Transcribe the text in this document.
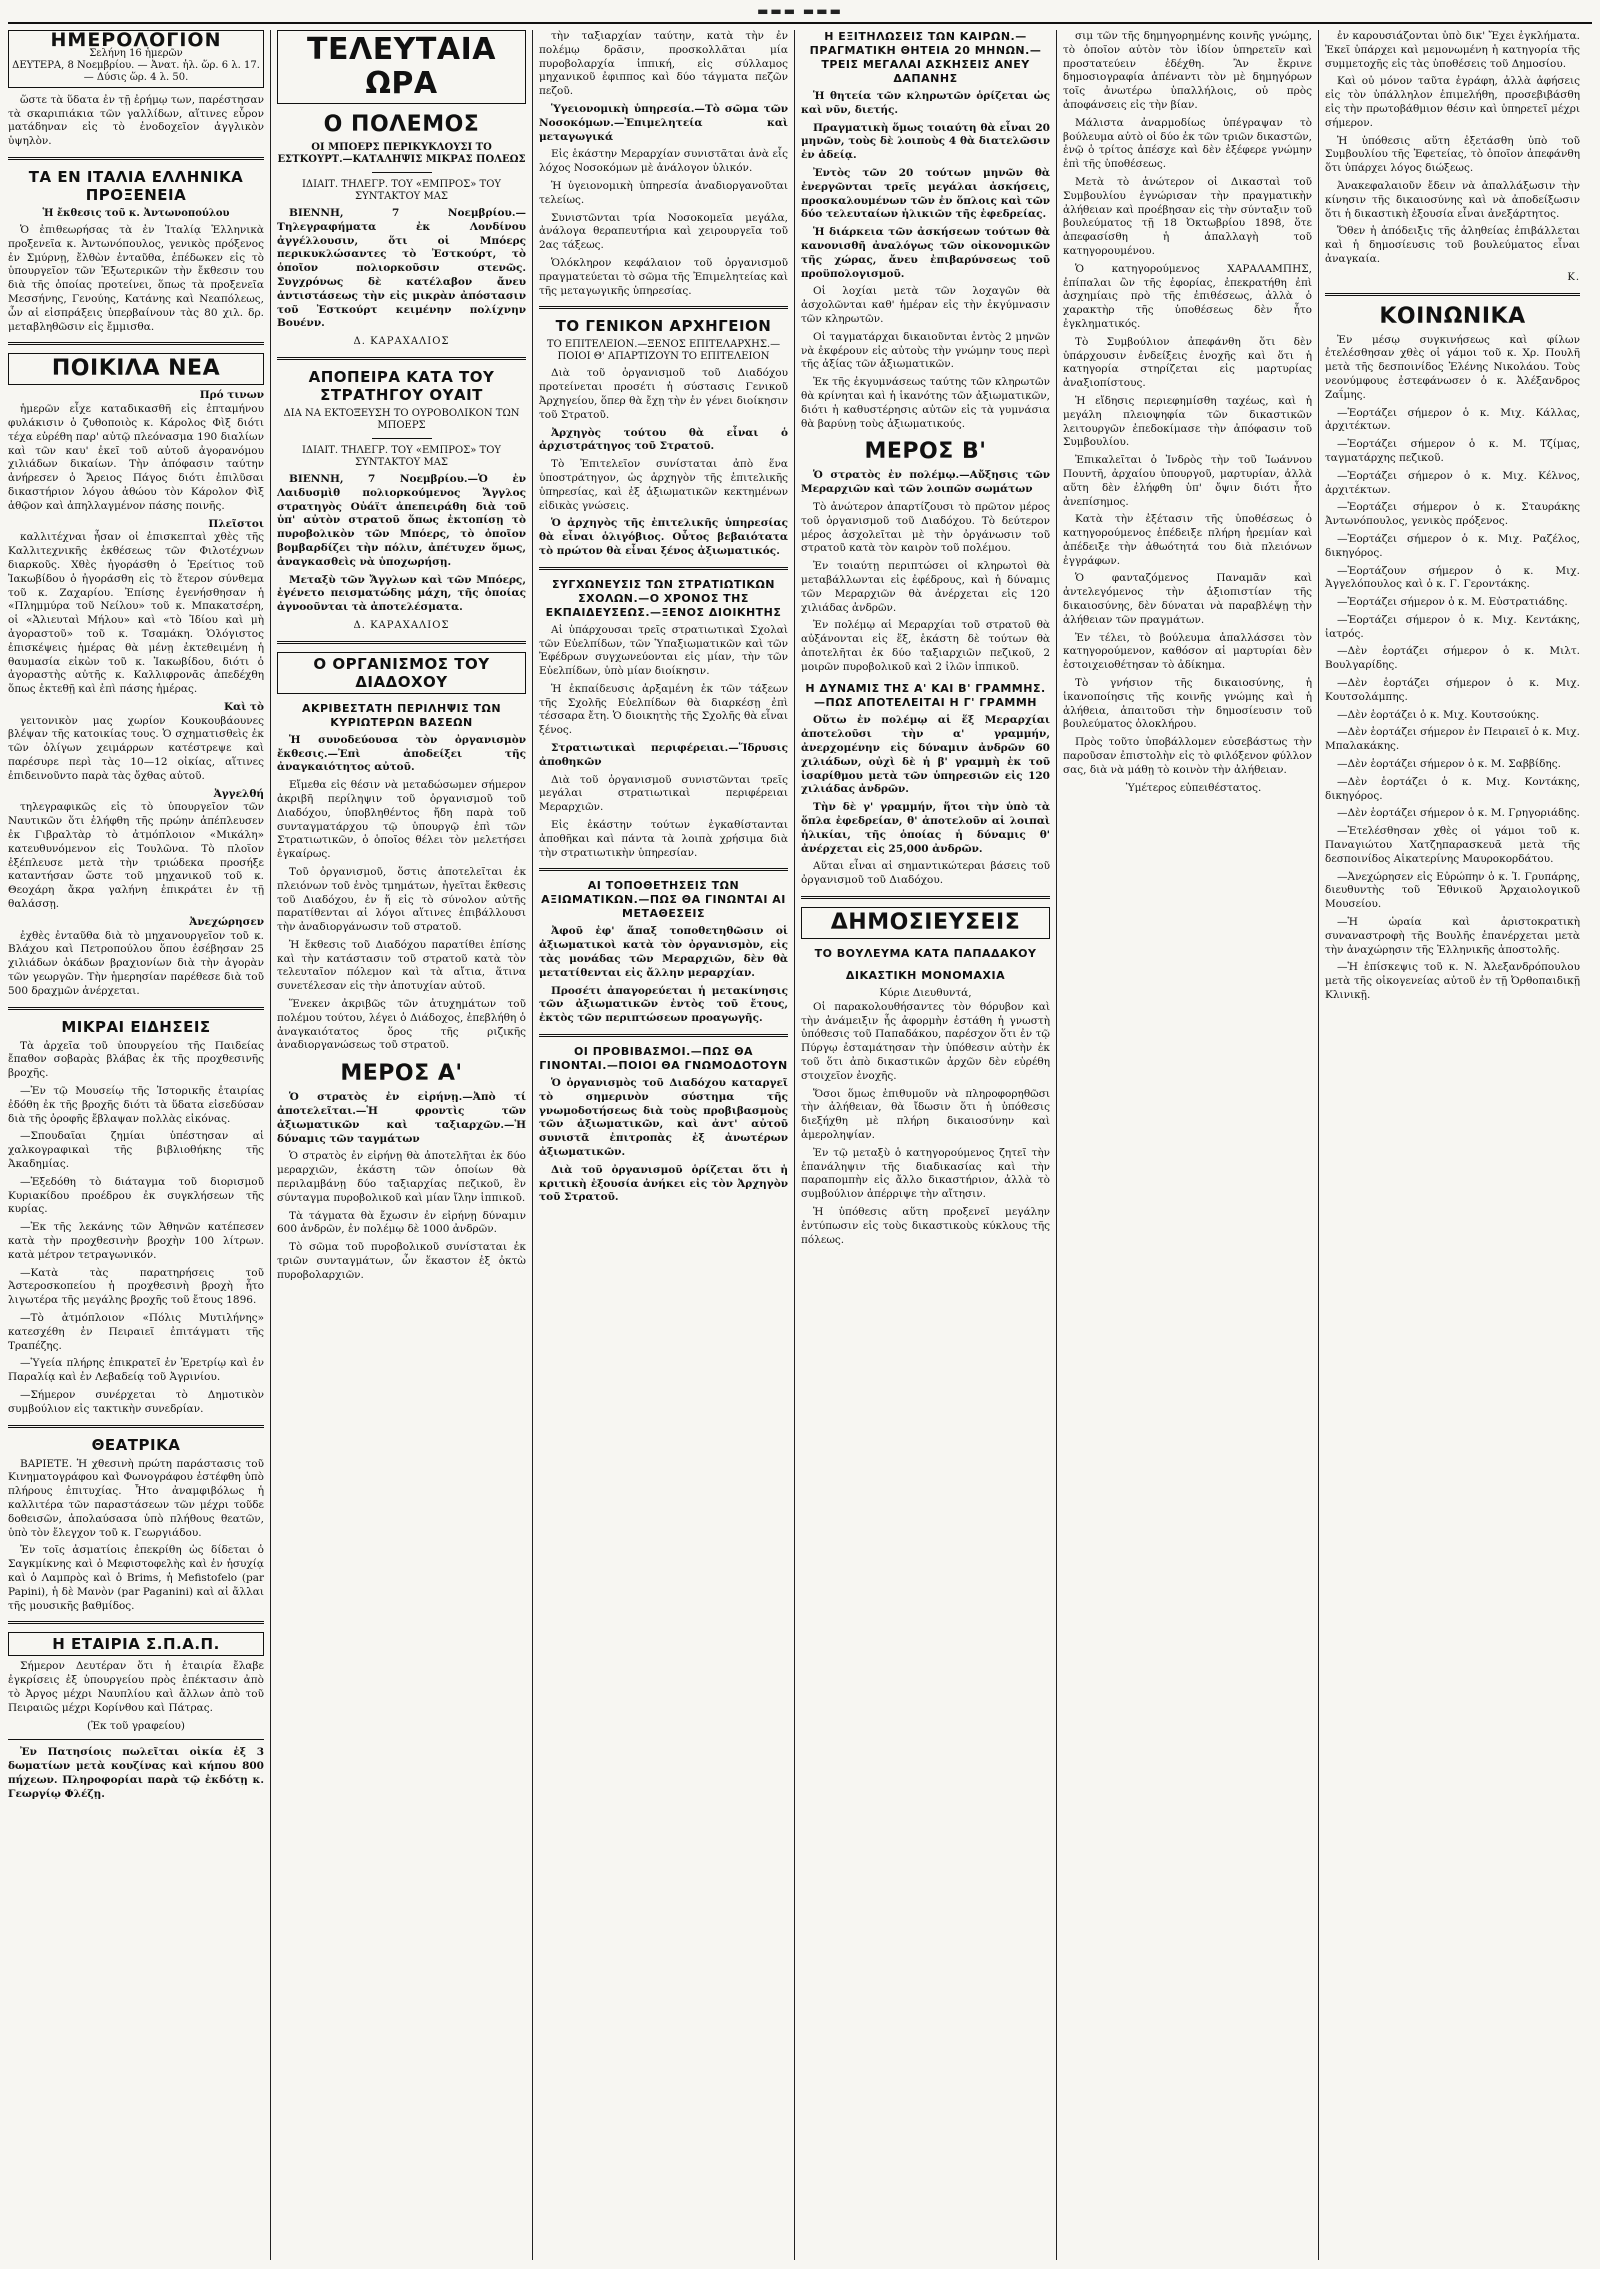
▬▬▬ ▬▬▬
ΗΜΕΡΟΛΟΓΙΟΝ
Σελήνη 16 ἡμερῶν
ΔΕΥΤΕΡΑ, 8 Νοεμβρίου. — Ἀνατ. ἡλ. ὥρ. 6 λ. 17.— Δύσις ὥρ. 4 λ. 50.

ὥστε τὰ ὕδατα ἐν τῇ ἐρήμῳ των, παρέστησαν τὰ σκαριπιάκια τῶν γαλλίδων, αἵτινες εὗρον ματάδηναν εἰς τὸ ἐνοδοχεῖον ἀγγλικὸν ὑψηλὸν.

ΤΑ ΕΝ ΙΤΑΛΙΑ ΕΛΛΗΝΙΚΑ ΠΡΟΞΕΝΕΙΑ
Ἡ ἔκθεσις τοῦ κ. Ἀντωνοπούλου

Ὁ ἐπιθεωρήσας τὰ ἐν Ἰταλίᾳ Ἑλληνικὰ προξενεῖα κ. Ἀντωνόπουλος, γενικὸς πρόξενος ἐν Σμύρνῃ, ἔλθὼν ἐνταῦθα, ἐπέδωκεν εἰς τὸ ὑπουργεῖον τῶν Ἐξωτερικῶν τὴν ἔκθεσιν του διὰ τῆς ὁποίας προτείνει, ὅπως τὰ προξενεῖα Μεσσήνης, Γενούης, Κατάνης καὶ Νεαπόλεως, ὧν αἱ εἰσπράξεις ὑπερβαίνουν τὰς 80 χιλ. δρ. μεταβληθῶσιν εἰς ἔμμισθα.

ΠΟΙΚΙΛΑ ΝΕΑ
Πρό τινων

ἡμερῶν εἶχε καταδικασθῆ εἰς ἑπταμήνου φυλάκισιν ὁ ζυθοποιὸς κ. Κάρολος Φὶξ διότι τέχα εὑρέθη παρ' αὐτῷ πλεόνασμα 190 διαλίων καὶ τῶν καυ' ἐκεῖ τοῦ αὐτοῦ ἀγορανόμου χιλιάδων δικαίων. Τὴν ἀπόφασιν ταύτην ἀνήρεσεν ὁ Ἄρειος Πάγος διότι ἐπιλῦσαι δικαστήριον λόγου ἀθώου τὸν Κάρολον Φὶξ ἀθῷον καὶ ἀπηλλαγμένον πάσης ποινῆς.

Πλεῖστοι

καλλιτέχναι ἦσαν οἱ ἐπισκεπταὶ χθὲς τῆς Καλλιτεχνικῆς ἐκθέσεως τῶν Φιλοτέχνων διαρκοῦς. Χθὲς ἠγοράσθη ὁ Ἐρείτιος τοῦ Ἰακωβίδου ὁ ἠγοράσθη εἰς τὸ ἕτερον σύνθεμα τοῦ κ. Ζαχαρίου. Ἐπίσης ἐγενήσθησαν ἡ «Πλημμύρα τοῦ Νείλου» τοῦ κ. Μπακατσέρη, οἱ «Ἁλιευταὶ Μήλου» καὶ «τὸ Ἰδίου καὶ μὴ ἀγοραστοῦ» τοῦ κ. Τσαμάκη. Ὁλόγιστος ἐπισκέψεις ἡμέρας θὰ μένῃ ἐκτεθειμένη ἡ θαυμασία εἰκὼν τοῦ κ. Ἰακωβίδου, διότι ὁ ἀγοραστὴς αὐτῆς κ. Καλλιφρονᾶς ἀπεδέχθη ὅπως ἐκτεθῇ καὶ ἐπὶ πάσης ἡμέρας.

Καὶ τὸ

γειτονικὸν μας χωρίον Κουκουβάουνες βλέψαν τῆς κατοικίας τους. Ὁ σχηματισθεὶς ἐκ τῶν ὀλίγων χειμάρρων κατέστρεψε καὶ παρέσυρε περὶ τὰς 10—12 οἰκίας, αἵτινες ἐπιδεινοῦντο παρὰ τὰς ὄχθας αὐτοῦ.

Ἀγγελθή

τηλεγραφικῶς εἰς τὸ ὑπουργεῖον τῶν Ναυτικῶν ὅτι ἐλήφθη τῆς πρώην ἀπέπλευσεν ἐκ Γιβραλτὰρ τὸ ἀτμόπλοιον «Μικάλη» κατευθυνόμενον εἰς Τουλῶνα. Τὸ πλοῖον ἐξέπλευσε μετὰ τὴν τριώδεκα προσήξε καταντήσαν ὥστε τοῦ μηχανικοῦ τοῦ κ. Θεοχάρη ἄκρα γαλήνη ἐπικράτει ἐν τῇ θαλάσσῃ.

Ἀνεχώρησεν

ἐχθὲς ἐνταῦθα διὰ τὸ μηχανουργεῖον τοῦ κ. Βλάχου καὶ Πετροπούλου ὅπου ἐσέβησαν 25 χιλιάδων ὀκάδων βραχιονίων διὰ τὴν ἀγορὰν τῶν γεωργῶν. Τὴν ἡμερησίαν παρέθεσε διὰ τοῦ 500 δραχμῶν ἀνέρχεται.

ΜΙΚΡΑΙ ΕΙΔΗΣΕΙΣ

Τὰ ἀρχεῖα τοῦ ὑπουργείου τῆς Παιδείας ἔπαθον σοβαρὰς βλάβας ἐκ τῆς προχθεσινῆς βροχῆς.

—Ἐν τῷ Μουσείῳ τῆς Ἱστορικῆς ἐταιρίας ἐδόθη ἐκ τῆς βροχῆς διότι τὰ ὕδατα εἰσεδύσαν διὰ τῆς ὀροφῆς ἔβλαψαν πολλὰς εἰκόνας.

—Σπουδαῖαι ζημίαι ὑπέστησαν αἱ χαλκογραφικαὶ τῆς βιβλιοθήκης τῆς Ἀκαδημίας.

—Ἐξεδόθη τὸ διάταγμα τοῦ διορισμοῦ Κυριακίδου προέδρου ἐκ συγκλήσεων τῆς κυρίας.

—Ἐκ τῆς λεκάνης τῶν Ἀθηνῶν κατέπεσεν κατὰ τὴν προχθεσινὴν βροχὴν 100 λίτρων. κατὰ μέτρον τετραγωνικόν.

—Κατὰ τὰς παρατηρήσεις τοῦ Ἀστεροσκοπείου ἡ προχθεσινὴ βροχὴ ἦτο λιγωτέρα τῆς μεγάλης βροχῆς τοῦ ἔτους 1896.

—Τὸ ἀτμόπλοιον «Πόλις Μυτιλήνης» κατεσχέθη ἐν Πειραιεῖ ἐπιτάγματι τῆς Τραπέζης.

—Ὑγεία πλήρης ἐπικρατεῖ ἐν Ἐρετρίῳ καὶ ἐν Παραλίᾳ καὶ ἐν Λεβαδείᾳ τοῦ Ἀγρινίου.

—Σήμερον συνέρχεται τὸ Δημοτικὸν συμβούλιον εἰς τακτικὴν συνεδρίαν.

ΘΕΑΤΡΙΚΑ

ΒΑΡΙΕΤΕ. Ἡ χθεσινὴ πρώτη παράστασις τοῦ Κινηματογράφου καὶ Φωνογράφου ἐστέφθη ὑπὸ πλήρους ἐπιτυχίας. Ἦτο ἀναμφιβόλως ἡ καλλιτέρα τῶν παραστάσεων τῶν μέχρι τοῦδε δοθεισῶν, ἀπολαύσασα ὑπὸ πλήθους θεατῶν, ὑπὸ τὸν ἔλεγχον τοῦ κ. Γεωργιάδου.

Ἐν τοῖς ἀσματίοις ἐπεκρίθη ὡς δίδεται ὁ Σαγκμίκνης καὶ ὁ Μεφιστοφελὴς καὶ ἐν ἡσυχίᾳ καὶ ὁ Λαμπρὸς καὶ ὁ Brims, ἡ Mefistofelo (par Papini), ἡ δὲ Μανὸν (par Paganini) καὶ αἱ ἄλλαι τῆς μουσικῆς βαθμίδος.

Η ΕΤΑΙΡΙΑ Σ.Π.Α.Π.

Σήμερον Δευτέραν ὅτι ἡ ἑταιρία ἔλαβε ἐγκρίσεις ἐξ ὑπουργείου πρὸς ἐπέκτασιν ἀπὸ τὸ Ἀργος μέχρι Ναυπλίου καὶ ἄλλων ἀπὸ τοῦ Πειραιῶς μέχρι Κορίνθου καὶ Πάτρας.

(Ἐκ τοῦ γραφείου)

Ἐν Πατησίοις πωλεῖται οἰκία ἐξ 3 δωματίων μετὰ κουζίνας καὶ κήπου 800 πήχεων. Πληροφορίαι παρὰ τῷ ἐκδότῃ κ. Γεωργίῳ Φλέζῃ.

ΤΕΛΕΥΤΑΙΑ ΩΡΑ
Ο ΠΟΛΕΜΟΣ
ΟΙ ΜΠΟΕΡΣ ΠΕΡΙΚΥΚΛΟΥΣΙ ΤΟ ΕΣΤΚΟΥΡΤ.—ΚΑΤΑΛΗΨΙΣ ΜΙΚΡΑΣ ΠΟΛΕΩΣ
ΙΔΙΑΙΤ. ΤΗΛΕΓΡ. ΤΟΥ «ΕΜΠΡΟΣ» ΤΟΥ ΣΥΝΤΑΚΤΟΥ ΜΑΣ

ΒΙΕΝΝΗ, 7 Νοεμβρίου.—Τηλεγραφήματα ἐκ Λονδίνου ἀγγέλλουσιν, ὅτι οἱ Μπόερς περικυκλώσαντες τὸ Ἐστκούρτ, τὸ ὁποῖον πολιορκοῦσιν στενῶς. Συγχρόνως δὲ κατέλαβον ἄνευ ἀντιστάσεως τὴν εἰς μικρὰν ἀπόστασιν τοῦ Ἐστκούρτ κειμένην πολίχνην Βουένν.

Δ. ΚΑΡΑΧΑΛΙΟΣ
ΑΠΟΠΕΙΡΑ ΚΑΤΑ ΤΟΥ ΣΤΡΑΤΗΓΟΥ ΟΥΑΙΤ
ΔΙΑ ΝΑ ΕΚΤΟΞΕΥΣΗ ΤΟ ΟΥΡΟΒΟΛΙΚΟΝ ΤΩΝ ΜΠΟΕΡΣ
ΙΔΙΑΙΤ. ΤΗΛΕΓΡ. ΤΟΥ «ΕΜΠΡΟΣ» ΤΟΥ ΣΥΝΤΑΚΤΟΥ ΜΑΣ

ΒΙΕΝΝΗ, 7 Νοεμβρίου.—Ὁ ἐν Λαιδυσμὶθ πολιορκούμενος Ἄγγλος στρατηγὸς Οὐάϊτ ἀπεπειράθη διὰ τοῦ ὑπ' αὐτὸν στρατοῦ ὅπως ἐκτοπίσῃ τὸ πυροβολικὸν τῶν Μπόερς, τὸ ὁποῖον βομβαρδίζει τὴν πόλιν, ἀπέτυχεν ὅμως, ἀναγκασθεὶς νὰ ὑποχωρήσῃ.

Μεταξὺ τῶν Ἄγγλων καὶ τῶν Μπόερς, ἐγένετο πεισματώδης μάχη, τῆς ὁποίας ἀγνοοῦνται τὰ ἀποτελέσματα.

Δ. ΚΑΡΑΧΑΛΙΟΣ
Ο ΟΡΓΑΝΙΣΜΟΣ ΤΟΥ ΔΙΑΔΟΧΟΥ
ΑΚΡΙΒΕΣΤΑΤΗ ΠΕΡΙΛΗΨΙΣ ΤΩΝ ΚΥΡΙΩΤΕΡΩΝ ΒΑΣΕΩΝ

Ἡ συνοδεύουσα τὸν ὀργανισμὸν ἔκθεσις.—Ἐπὶ ἀποδείξει τῆς ἀναγκαιότητος αὐτοῦ.

Εἴμεθα εἰς θέσιν νὰ μεταδώσωμεν σήμερον ἀκριβῆ περίληψιν τοῦ ὀργανισμοῦ τοῦ Διαδόχου, ὑποβληθέντος ἤδη παρὰ τοῦ συνταγματάρχου τῷ ὑπουργῷ ἐπὶ τῶν Στρατιωτικῶν, ὁ ὁποῖος θέλει τὸν μελετήσει ἐγκαίρως.

Τοῦ ὀργανισμοῦ, ὅστις ἀποτελεῖται ἐκ πλειόνων τοῦ ἑνὸς τμημάτων, ἡγεῖται ἔκθεσις τοῦ Διαδόχου, ἐν ἥ εἰς τὸ σύνολον αὐτῆς παρατίθενται αἱ λόγοι αἵτινες ἐπιβάλλουσι τὴν ἀναδιοργάνωσιν τοῦ στρατοῦ.

Ἡ ἔκθεσις τοῦ Διαδόχου παρατίθει ἐπίσης καὶ τὴν κατάστασιν τοῦ στρατοῦ κατὰ τὸν τελευταῖον πόλεμον καὶ τὰ αἴτια, ἅτινα συνετέλεσαν εἰς τὴν ἀποτυχίαν αὐτοῦ.

Ἕνεκεν ἀκριβῶς τῶν ἀτυχημάτων τοῦ πολέμου τούτου, λέγει ὁ Διάδοχος, ἐπεβλήθη ὁ ἀναγκαιότατος ὅρος τῆς ριζικῆς ἀναδιοργανώσεως τοῦ στρατοῦ.

ΜΕΡΟΣ Α'

Ὁ στρατὸς ἐν εἰρήνῃ.—Ἀπὸ τί ἀποτελεῖται.—Ἡ φροντὶς τῶν ἀξιωματικῶν καὶ ταξιαρχῶν.—Ἡ δύναμις τῶν ταγμάτων

Ὁ στρατὸς ἐν εἰρήνῃ θὰ ἀποτελῆται ἐκ δύο μεραρχιῶν, ἑκάστη τῶν ὁποίων θὰ περιλαμβάνῃ δύο ταξιαρχίας πεζικοῦ, ἓν σύνταγμα πυροβολικοῦ καὶ μίαν ἴλην ἱππικοῦ.

Τὰ τάγματα θὰ ἔχωσιν ἐν εἰρήνῃ δύναμιν 600 ἀνδρῶν, ἐν πολέμῳ δὲ 1000 ἀνδρῶν.

Τὸ σῶμα τοῦ πυροβολικοῦ συνίσταται ἐκ τριῶν συνταγμάτων, ὧν ἕκαστον ἐξ ὀκτὼ πυροβολαρχιῶν.

τὴν ταξιαρχίαν ταύτην, κατὰ τὴν ἐν πολέμῳ δρᾶσιν, προσκολλᾶται μία πυροβολαρχία ἱππική, εἰς σύλλαμος μηχανικοῦ ἐφιππος καὶ δύο τάγματα πεζῶν πεζοῦ.

Ὑγειονομικὴ ὑπηρεσία.—Τὸ σῶμα τῶν Νοσοκόμων.—Ἐπιμελητεία καὶ μεταγωγικά

Εἰς ἑκάστην Μεραρχίαν συνιστᾶται ἀνὰ εἷς λόχος Νοσοκόμων μὲ ἀνάλογον ὑλικόν.

Ἡ ὑγειονομικὴ ὑπηρεσία ἀναδιοργανοῦται τελείως.

Συνιστῶνται τρία Νοσοκομεῖα μεγάλα, ἀνάλογα θεραπευτήρια καὶ χειρουργεῖα τοῦ 2ας τάξεως.

Ὁλόκληρον κεφάλαιον τοῦ ὀργανισμοῦ πραγματεύεται τὸ σῶμα τῆς Ἐπιμελητείας καὶ τῆς μεταγωγικῆς ὑπηρεσίας.

ΤΟ ΓΕΝΙΚΟΝ ΑΡΧΗΓΕΙΟΝ
ΤΟ ΕΠΙΤΕΛΕΙΟΝ.—ΞΕΝΟΣ ΕΠΙΤΕΛΑΡΧΗΣ.—ΠΟΙΟΙ Θ' ΑΠΑΡΤΙΖΟΥΝ ΤΟ ΕΠΙΤΕΛΕΙΟΝ

Διὰ τοῦ ὀργανισμοῦ τοῦ Διαδόχου προτείνεται προσέτι ἡ σύστασις Γενικοῦ Ἀρχηγείου, ὅπερ θὰ ἔχῃ τὴν ἐν γένει διοίκησιν τοῦ Στρατοῦ.

Ἀρχηγὸς τούτου θὰ εἶναι ὁ ἀρχιστράτηγος τοῦ Στρατοῦ.

Τὸ Ἐπιτελεῖον συνίσταται ἀπὸ ἕνα ὑποστράτηγον, ὡς ἀρχηγὸν τῆς ἐπιτελικῆς ὑπηρεσίας, καὶ ἐξ ἀξιωματικῶν κεκτημένων εἰδικὰς γνώσεις.

Ὁ ἀρχηγὸς τῆς ἐπιτελικῆς ὑπηρεσίας θὰ εἶναι ὁλιγόβιος. Οὗτος βεβαιότατα τὸ πρώτον θὰ εἶναι ξένος ἀξιωματικός.

ΣΥΓΧΩΝΕΥΣΙΣ ΤΩΝ ΣΤΡΑΤΙΩΤΙΚΩΝ ΣΧΟΛΩΝ.—Ο ΧΡΟΝΟΣ ΤΗΣ ΕΚΠΑΙΔΕΥΣΕΩΣ.—ΞΕΝΟΣ ΔΙΟΙΚΗΤΗΣ

Αἱ ὑπάρχουσαι τρεῖς στρατιωτικαὶ Σχολαὶ τῶν Εὐελπίδων, τῶν Ὑπαξιωματικῶν καὶ τῶν Ἐφέδρων συγχωνεύονται εἰς μίαν, τὴν τῶν Εὐελπίδων, ὑπὸ μίαν διοίκησιν.

Ἡ ἐκπαίδευσις ἀρξαμένη ἐκ τῶν τάξεων τῆς Σχολῆς Εὐελπίδων θὰ διαρκέσῃ ἐπὶ τέσσαρα ἔτη. Ὁ διοικητὴς τῆς Σχολῆς θὰ εἶναι ξένος.

Στρατιωτικαὶ περιφέρειαι.—Ἵδρυσις ἀποθηκῶν

Διὰ τοῦ ὀργανισμοῦ συνιστῶνται τρεῖς μεγάλαι στρατιωτικαὶ περιφέρειαι Μεραρχιῶν.

Εἰς ἑκάστην τούτων ἐγκαθίστανται ἀποθῆκαι καὶ πάντα τὰ λοιπὰ χρήσιμα διὰ τὴν στρατιωτικὴν ὑπηρεσίαν.

ΑΙ ΤΟΠΟΘΕΤΗΣΕΙΣ ΤΩΝ ΑΞΙΩΜΑΤΙΚΩΝ.—ΠΩΣ ΘΑ ΓΙΝΩΝΤΑΙ ΑΙ ΜΕΤΑΘΕΣΕΙΣ

Ἀφοῦ ἐφ' ἅπαξ τοποθετηθῶσιν οἱ ἀξιωματικοὶ κατὰ τὸν ὀργανισμὸν, εἰς τὰς μονάδας τῶν Μεραρχιῶν, δὲν θὰ μετατίθενται εἰς ἄλλην μεραρχίαν.

Προσέτι ἀπαγορεύεται ἡ μετακίνησις τῶν ἀξιωματικῶν ἐντὸς τοῦ ἔτους, ἐκτὸς τῶν περιπτώσεων προαγωγῆς.

ΟΙ ΠΡΟΒΙΒΑΣΜΟΙ.—ΠΩΣ ΘΑ ΓΙΝΟΝΤΑΙ.—ΠΟΙΟΙ ΘΑ ΓΝΩΜΟΔΟΤΟΥΝ

Ὁ ὀργανισμὸς τοῦ Διαδόχου καταργεῖ τὸ σημερινὸν σύστημα τῆς γνωμοδοτήσεως διὰ τοὺς προβιβασμοὺς τῶν ἀξιωματικῶν, καὶ ἀντ' αὐτοῦ συνιστᾶ ἐπιτροπὰς ἐξ ἀνωτέρων ἀξιωματικῶν.

Διὰ τοῦ ὀργανισμοῦ ὁρίζεται ὅτι ἡ κριτικὴ ἐξουσία ἀνήκει εἰς τὸν Ἀρχηγὸν τοῦ Στρατοῦ.

Η ΕΞΙΤΗΛΩΣΕΙΣ ΤΩΝ ΚΑΙΡΩΝ.—ΠΡΑΓΜΑΤΙΚΗ ΘΗΤΕΙΑ 20 ΜΗΝΩΝ.—ΤΡΕΙΣ ΜΕΓΑΛΑΙ ΑΣΚΗΣΕΙΣ ΑΝΕΥ ΔΑΠΑΝΗΣ

Ἡ θητεία τῶν κληρωτῶν ὁρίζεται ὡς καὶ νῦν, διετής.

Πραγματικὴ ὅμως τοιαύτη θὰ εἶναι 20 μηνῶν, τοὺς δὲ λοιποὺς 4 θὰ διατελῶσιν ἐν ἀδείᾳ.

Ἐντὸς τῶν 20 τούτων μηνῶν θὰ ἐνεργῶνται τρεῖς μεγάλαι ἀσκήσεις, προσκαλουμένων τῶν ἐν ὅπλοις καὶ τῶν δύο τελευταίων ἡλικιῶν τῆς ἐφεδρείας.

Ἡ διάρκεια τῶν ἀσκήσεων τούτων θὰ κανονισθῆ ἀναλόγως τῶν οἰκονομικῶν τῆς χώρας, ἄνευ ἐπιβαρύνσεως τοῦ προϋπολογισμοῦ.

Οἱ λοχίαι μετὰ τῶν λοχαγῶν θὰ ἀσχολῶνται καθ' ἡμέραν εἰς τὴν ἐκγύμνασιν τῶν κληρωτῶν.

Οἱ ταγματάρχαι δικαιοῦνται ἐντὸς 2 μηνῶν νὰ ἐκφέρουν εἰς αὐτοὺς τὴν γνώμην τους περὶ τῆς ἀξίας τῶν ἀξιωματικῶν.

Ἐκ τῆς ἐκγυμνάσεως ταύτης τῶν κληρωτῶν θὰ κρίνηται καὶ ἡ ἱκανότης τῶν ἀξιωματικῶν, διότι ἡ καθυστέρησις αὐτῶν εἰς τὰ γυμνάσια θὰ βαρύνῃ τοὺς ἀξιωματικούς.

ΜΕΡΟΣ Β'

Ὁ στρατὸς ἐν πολέμῳ.—Αὔξησις τῶν Μεραρχιῶν καὶ τῶν λοιπῶν σωμάτων

Τὸ ἀνώτερον ἀπαρτίζουσι τὸ πρῶτον μέρος τοῦ ὀργανισμοῦ τοῦ Διαδόχου. Τὸ δεύτερον μέρος ἀσχολεῖται μὲ τὴν ὀργάνωσιν τοῦ στρατοῦ κατὰ τὸν καιρὸν τοῦ πολέμου.

Ἐν τοιαύτῃ περιπτώσει οἱ κληρωτοὶ θὰ μεταβάλλωνται εἰς ἐφέδρους, καὶ ἡ δύναμις τῶν Μεραρχιῶν θὰ ἀνέρχεται εἰς 120 χιλιάδας ἀνδρῶν.

Ἐν πολέμῳ αἱ Μεραρχίαι τοῦ στρατοῦ θὰ αὐξάνονται εἰς ἕξ, ἑκάστη δὲ τούτων θὰ ἀποτελῆται ἐκ δύο ταξιαρχιῶν πεζικοῦ, 2 μοιρῶν πυροβολικοῦ καὶ 2 ἰλῶν ἱππικοῦ.

Η ΔΥΝΑΜΙΣ ΤΗΣ Α' ΚΑΙ Β' ΓΡΑΜΜΗΣ.—ΠΩΣ ΑΠΟΤΕΛΕΙΤΑΙ Η Γ' ΓΡΑΜΜΗ

Οὕτω ἐν πολέμῳ αἱ ἕξ Μεραρχίαι ἀποτελοῦσι τὴν α' γραμμήν, ἀνερχομένην εἰς δύναμιν ἀνδρῶν 60 χιλιάδων, οὐχὶ δὲ ἡ β' γραμμὴ ἐκ τοῦ ἰσαρίθμου μετὰ τῶν ὑπηρεσιῶν εἰς 120 χιλιάδας ἀνδρῶν.

Τὴν δὲ γ' γραμμήν, ἥτοι τὴν ὑπὸ τὰ ὅπλα ἐφεδρείαν, θ' ἀποτελοῦν αἱ λοιπαὶ ἡλικίαι, τῆς ὁποίας ἡ δύναμις θ' ἀνέρχεται εἰς 25,000 ἀνδρῶν.

Αὕται εἶναι αἱ σημαντικώτεραι βάσεις τοῦ ὀργανισμοῦ τοῦ Διαδόχου.

ΔΗΜΟΣΙΕΥΣΕΙΣ
ΤΟ ΒΟΥΛΕΥΜΑ ΚΑΤΑ ΠΑΠΑΔΑΚΟΥ
ΔΙΚΑΣΤΙΚΗ ΜΟΝΟΜΑΧΙΑ
Κύριε Διευθυντά,

Οἱ παρακολουθήσαντες τὸν θόρυβον καὶ τὴν ἀνάμειξιν ἧς ἀφορμὴν ἐστάθη ἡ γνωστὴ ὑπόθεσις τοῦ Παπαδάκου, παρέσχον ὅτι ἐν τῷ Πύργῳ ἐσταμάτησαν τὴν ὑπόθεσιν αὐτὴν ἐκ τοῦ ὅτι ἀπὸ δικαστικῶν ἀρχῶν δὲν εὑρέθη στοιχεῖον ἐνοχῆς.

Ὅσοι ὅμως ἐπιθυμοῦν νὰ πληροφορηθῶσι τὴν ἀλήθειαν, θὰ ἴδωσιν ὅτι ἡ ὑπόθεσις διεξήχθη μὲ πλήρη δικαιοσύνην καὶ ἀμεροληψίαν.

Ἐν τῷ μεταξὺ ὁ κατηγορούμενος ζητεῖ τὴν ἐπανάληψιν τῆς διαδικασίας καὶ τὴν παραπομπὴν εἰς ἄλλο δικαστήριον, ἀλλὰ τὸ συμβούλιον ἀπέρριψε τὴν αἴτησιν.

Ἡ ὑπόθεσις αὕτη προξενεῖ μεγάλην ἐντύπωσιν εἰς τοὺς δικαστικοὺς κύκλους τῆς πόλεως.

σιμ τῶν τῆς δημηγορημένης κοινῆς γνώμης, τὸ ὁποῖον αὐτὸν τὸν ἰδίον ὑπηρετεῖν καὶ προστατεύειν ἐδέχθη. Ἂν ἔκρινε δημοσιογραφία ἀπέναντι τὸν μὲ δημηγόρων τοῖς ἀνωτέρω ὑπαλλήλοις, οὐ πρὸς ἀποφάνσεις εἰς τὴν βίαν.

Μάλιστα ἀναρμοδίως ὑπέγραψαν τὸ βούλευμα αὐτὸ οἱ δύο ἐκ τῶν τριῶν δικαστῶν, ἐνῷ ὁ τρίτος ἀπέσχε καὶ δὲν ἐξέφερε γνώμην ἐπὶ τῆς ὑποθέσεως.

Μετὰ τὸ ἀνώτερον οἱ Δικασταὶ τοῦ Συμβουλίου ἐγνώρισαν τὴν πραγματικὴν ἀλήθειαν καὶ προέβησαν εἰς τὴν σύνταξιν τοῦ βουλεύματος τῇ 18 Ὀκτωβρίου 1898, ὅτε ἀπεφασίσθη ἡ ἀπαλλαγὴ τοῦ κατηγορουμένου.

Ὁ κατηγορούμενος ΧΑΡΑΛΑΜΠΗΣ, ἐπίπαλαι ὢν τῆς ἐφορίας, ἐπεκρατήθη ἐπὶ ἀσχημίαις πρὸ τῆς ἐπιθέσεως, ἀλλὰ ὁ χαρακτὴρ τῆς ὑποθέσεως δὲν ἦτο ἐγκληματικός.

Τὸ Συμβούλιον ἀπεφάνθη ὅτι δὲν ὑπάρχουσιν ἐνδείξεις ἐνοχῆς καὶ ὅτι ἡ κατηγορία στηρίζεται εἰς μαρτυρίας ἀναξιοπίστους.

Ἡ εἴδησις περιεφημίσθη ταχέως, καὶ ἡ μεγάλη πλειοψηφία τῶν δικαστικῶν λειτουργῶν ἐπεδοκίμασε τὴν ἀπόφασιν τοῦ Συμβουλίου.

Ἐπικαλεῖται ὁ Ἰνδρὸς τὴν τοῦ Ἰωάννου Πουντῆ, ἀρχαίου ὑπουργοῦ, μαρτυρίαν, ἀλλὰ αὕτη δὲν ἐλήφθη ὑπ' ὄψιν διότι ἦτο ἀνεπίσημος.

Κατὰ τὴν ἐξέτασιν τῆς ὑποθέσεως ὁ κατηγορούμενος ἐπέδειξε πλήρη ἠρεμίαν καὶ ἀπέδειξε τὴν ἀθωότητά του διὰ πλειόνων ἐγγράφων.

Ὁ φανταζόμενος Παναμᾶν καὶ ἀντελεγόμενος τὴν ἀξιοπιστίαν τῆς δικαιοσύνης, δὲν δύναται νὰ παραβλέψῃ τὴν ἀλήθειαν τῶν πραγμάτων.

Ἐν τέλει, τὸ βούλευμα ἀπαλλάσσει τὸν κατηγορούμενον, καθόσον αἱ μαρτυρίαι δὲν ἐστοιχειοθέτησαν τὸ ἀδίκημα.

Τὸ γνήσιον τῆς δικαιοσύνης, ἡ ἱκανοποίησις τῆς κοινῆς γνώμης καὶ ἡ ἀλήθεια, ἀπαιτοῦσι τὴν δημοσίευσιν τοῦ βουλεύματος ὁλοκλήρου.

Πρὸς τοῦτο ὑποβάλλομεν εὐσεβάστως τὴν παροῦσαν ἐπιστολὴν εἰς τὸ φιλόξενον φύλλον σας, διὰ νὰ μάθῃ τὸ κοινὸν τὴν ἀλήθειαν.

Ὑμέτερος εὐπειθέστατος.

ἐν καρουσιάζονται ὑπὸ δικ' Ἔχει ἐγκλήματα. Ἐκεῖ ὑπάρχει καὶ μεμονωμένη ἡ κατηγορία τῆς συμμετοχῆς εἰς τὰς ὑποθέσεις τοῦ Δημοσίου.

Καὶ οὐ μόνον ταῦτα ἐγράφη, ἀλλὰ ἀφήσεις εἰς τὸν ὑπάλληλον ἐπιμελήθη, προσεβιβάσθη εἰς τὴν πρωτοβάθμιον θέσιν καὶ ὑπηρετεῖ μέχρι σήμερον.

Ἡ ὑπόθεσις αὕτη ἐξετάσθη ὑπὸ τοῦ Συμβουλίου τῆς Ἐφετείας, τὸ ὁποῖον ἀπεφάνθη ὅτι ὑπάρχει λόγος διώξεως.

Ἀνακεφαλαιοῦν ἔδειν νὰ ἀπαλλάξωσιν τὴν κίνησιν τῆς δικαιοσύνης καὶ νὰ ἀποδείξωσιν ὅτι ἡ δικαστικὴ ἐξουσία εἶναι ἀνεξάρτητος.

Ὅθεν ἡ ἀπόδειξις τῆς ἀληθείας ἐπιβάλλεται καὶ ἡ δημοσίευσις τοῦ βουλεύματος εἶναι ἀναγκαία.

Κ.
ΚΟΙΝΩΝΙΚΑ

Ἐν μέσῳ συγκινήσεως καὶ φίλων ἐτελέσθησαν χθὲς οἱ γάμοι τοῦ κ. Χρ. Πουλῆ μετὰ τῆς δεσποινίδος Ἑλένης Νικολάου. Τοὺς νεονύμφους ἐστεφάνωσεν ὁ κ. Ἀλέξανδρος Ζαΐμης.

—Ἑορτάζει σήμερον ὁ κ. Μιχ. Κάλλας, ἀρχιτέκτων.

—Ἑορτάζει σήμερον ὁ κ. Μ. Τζίμας, ταγματάρχης πεζικοῦ.

—Ἑορτάζει σήμερον ὁ κ. Μιχ. Κέλνος, ἀρχιτέκτων.

—Ἑορτάζει σήμερον ὁ κ. Σταυράκης Ἀντωνόπουλος, γενικὸς πρόξενος.

—Ἑορτάζει σήμερον ὁ κ. Μιχ. Ραζέλος, δικηγόρος.

—Ἑορτάζουν σήμερον ὁ κ. Μιχ. Ἀγγελόπουλος καὶ ὁ κ. Γ. Γεροντάκης.

—Ἑορτάζει σήμερον ὁ κ. Μ. Εὐστρατιάδης.

—Ἑορτάζει σήμερον ὁ κ. Μιχ. Κεντάκης, ἰατρός.

—Δὲν ἑορτάζει σήμερον ὁ κ. Μιλτ. Βουλγαρίδης.

—Δὲν ἑορτάζει σήμερον ὁ κ. Μιχ. Κουτσολάμπης.

—Δὲν ἑορτάζει ὁ κ. Μιχ. Κουτσούκης.

—Δὲν ἑορτάζει σήμερον ἐν Πειραιεῖ ὁ κ. Μιχ. Μπαλακάκης.

—Δὲν ἑορτάζει σήμερον ὁ κ. Μ. Σαββίδης.

—Δὲν ἑορτάζει ὁ κ. Μιχ. Κοντάκης, δικηγόρος.

—Δὲν ἑορτάζει σήμερον ὁ κ. Μ. Γρηγοριάδης.

—Ἐτελέσθησαν χθὲς οἱ γάμοι τοῦ κ. Παναγιώτου Χατζηπαρασκευᾶ μετὰ τῆς δεσποινίδος Αἰκατερίνης Μαυροκορδάτου.

—Ἀνεχώρησεν εἰς Εὐρώπην ὁ κ. Ἰ. Γρυπάρης, διευθυντὴς τοῦ Ἐθνικοῦ Ἀρχαιολογικοῦ Μουσείου.

—Ἡ ὡραία καὶ ἀριστοκρατικὴ συναναστροφὴ τῆς Βουλῆς ἐπανέρχεται μετὰ τὴν ἀναχώρησιν τῆς Ἑλληνικῆς ἀποστολῆς.

—Ἡ ἐπίσκεψις τοῦ κ. Ν. Ἀλεξανδρόπουλου μετὰ τῆς οἰκογενείας αὐτοῦ ἐν τῇ Ὀρθοπαιδικῇ Κλινικῇ.
